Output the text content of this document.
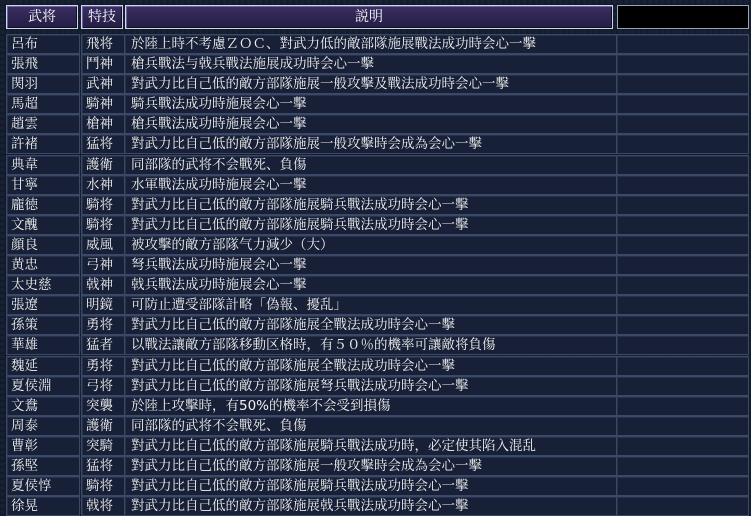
武将	特技	説明
呂布	飛将	於陸上時不考慮ＺＯＣ、對武力低的敵部隊施展戰法成功時会心一擊
張飛	鬥神	槍兵戰法与戟兵戰法施展成功時会心一擊
関羽	武神	對武力比自己低的敵方部隊施展一般攻擊及戰法成功時会心一擊
馬超	騎神	騎兵戰法成功時施展会心一擊
趙雲	槍神	槍兵戰法成功時施展会心一擊
許褚	猛将	對武力比自己低的敵方部隊施展一般攻擊時会成為会心一擊
典韋	護衛	同部隊的武将不会戰死、負傷
甘寧	水神	水軍戰法成功時施展会心一擊
龐徳	騎将	對武力比自己低的敵方部隊施展騎兵戰法成功時会心一擊
文醜	騎将	對武力比自己低的敵方部隊施展騎兵戰法成功時会心一擊
顔良	威風	被攻擊的敵方部隊气力減少（大）
黄忠	弓神	弩兵戰法成功時施展会心一擊
太史慈	戟神	戟兵戰法成功時施展会心一擊
張遼	明鏡	可防止遭受部隊計略「偽報、擾乱」
孫策	勇将	對武力比自己低的敵方部隊施展全戰法成功時会心一擊
華雄	猛者	以戰法讓敵方部隊移動区格時，有５０％的機率可讓敵将負傷
魏延	勇将	對武力比自己低的敵方部隊施展全戰法成功時会心一擊
夏侯淵	弓将	對武力比自己低的敵方部隊施展弩兵戰法成功時会心一擊
文鴦	突襲	於陸上攻擊時，有50%的機率不会受到損傷
周泰	護衛	同部隊的武将不会戰死、負傷
曹彰	突騎	對武力比自己低的敵方部隊施展騎兵戰法成功時，必定使其陷入混乱
孫堅	猛将	對武力比自己低的敵方部隊施展一般攻擊時会成為会心一擊
夏侯惇	騎将	對武力比自己低的敵方部隊施展騎兵戰法成功時会心一擊
徐晃	戟将	對武力比自己低的敵方部隊施展戟兵戰法成功時会心一擊
